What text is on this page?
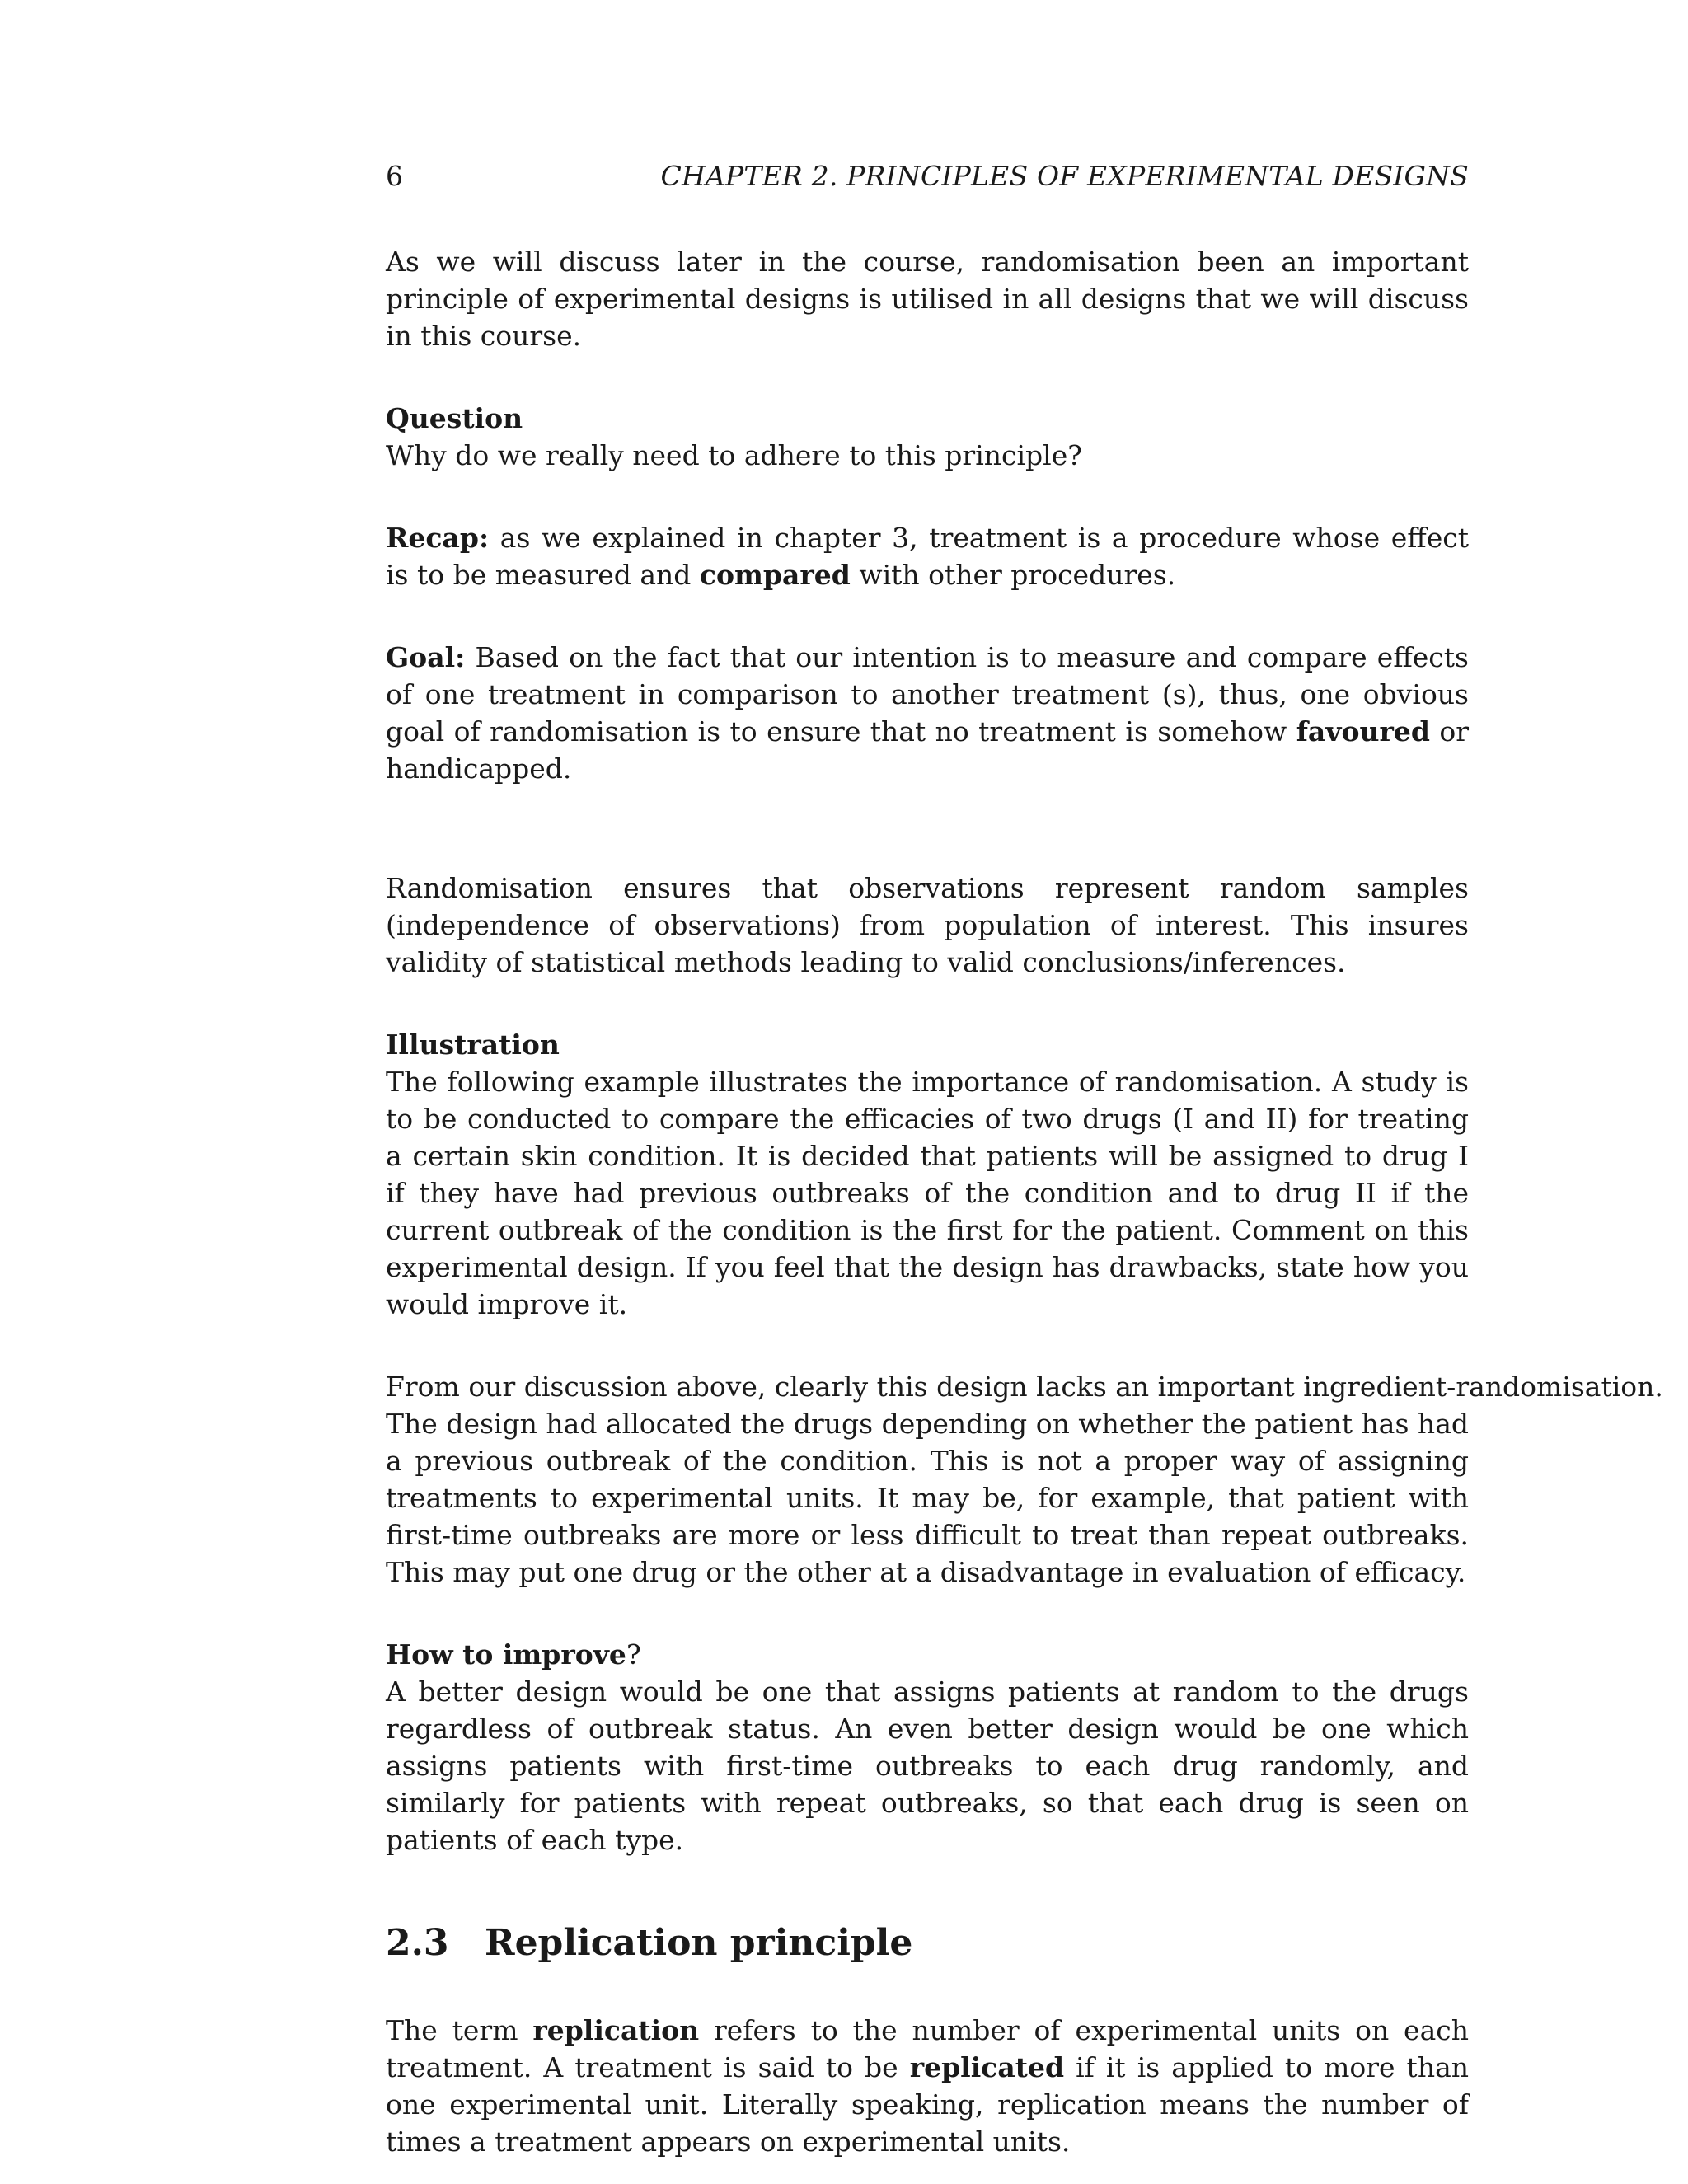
6	CHAPTER 2. PRINCIPLES OF EXPERIMENTAL DESIGNS

As we will discuss later in the course, randomisation been an important principle of experimental designs is utilised in all designs that we will discuss in this course.

Question

Why do we really need to adhere to this principle?

Recap: as we explained in chapter 3, treatment is a procedure whose effect is to be measured and compared with other procedures.

Goal: Based on the fact that our intention is to measure and compare effects of one treatment in comparison to another treatment (s), thus, one obvious goal of randomisation is to ensure that no treatment is somehow favoured or handicapped.

Randomisation ensures that observations represent random samples (independence of observations) from population of interest. This insures validity of statistical methods leading to valid conclusions/inferences.

Illustration

The following example illustrates the importance of randomisation. A study is to be conducted to compare the efficacies of two drugs (I and II) for treating a certain skin condition. It is decided that patients will be assigned to drug I if they have had previous outbreaks of the condition and to drug II if the current outbreak of the condition is the first for the patient. Comment on this experimental design. If you feel that the design has drawbacks, state how you would improve it.

From our discussion above, clearly this design lacks an important ingredient-randomisation.

The design had allocated the drugs depending on whether the patient has had a previous outbreak of the condition. This is not a proper way of assigning treatments to experimental units. It may be, for example, that patient with first-time outbreaks are more or less difficult to treat than repeat outbreaks. This may put one drug or the other at a disadvantage in evaluation of efficacy.

How to improve?

A better design would be one that assigns patients at random to the drugs regardless of outbreak status. An even better design would be one which assigns patients with first-time outbreaks to each drug randomly, and similarly for patients with repeat outbreaks, so that each drug is seen on patients of each type.

2.3 Replication principle

The term replication refers to the number of experimental units on each treatment. A treatment is said to be replicated if it is applied to more than one experimental unit. Literally speaking, replication means the number of times a treatment appears on experimental units.
